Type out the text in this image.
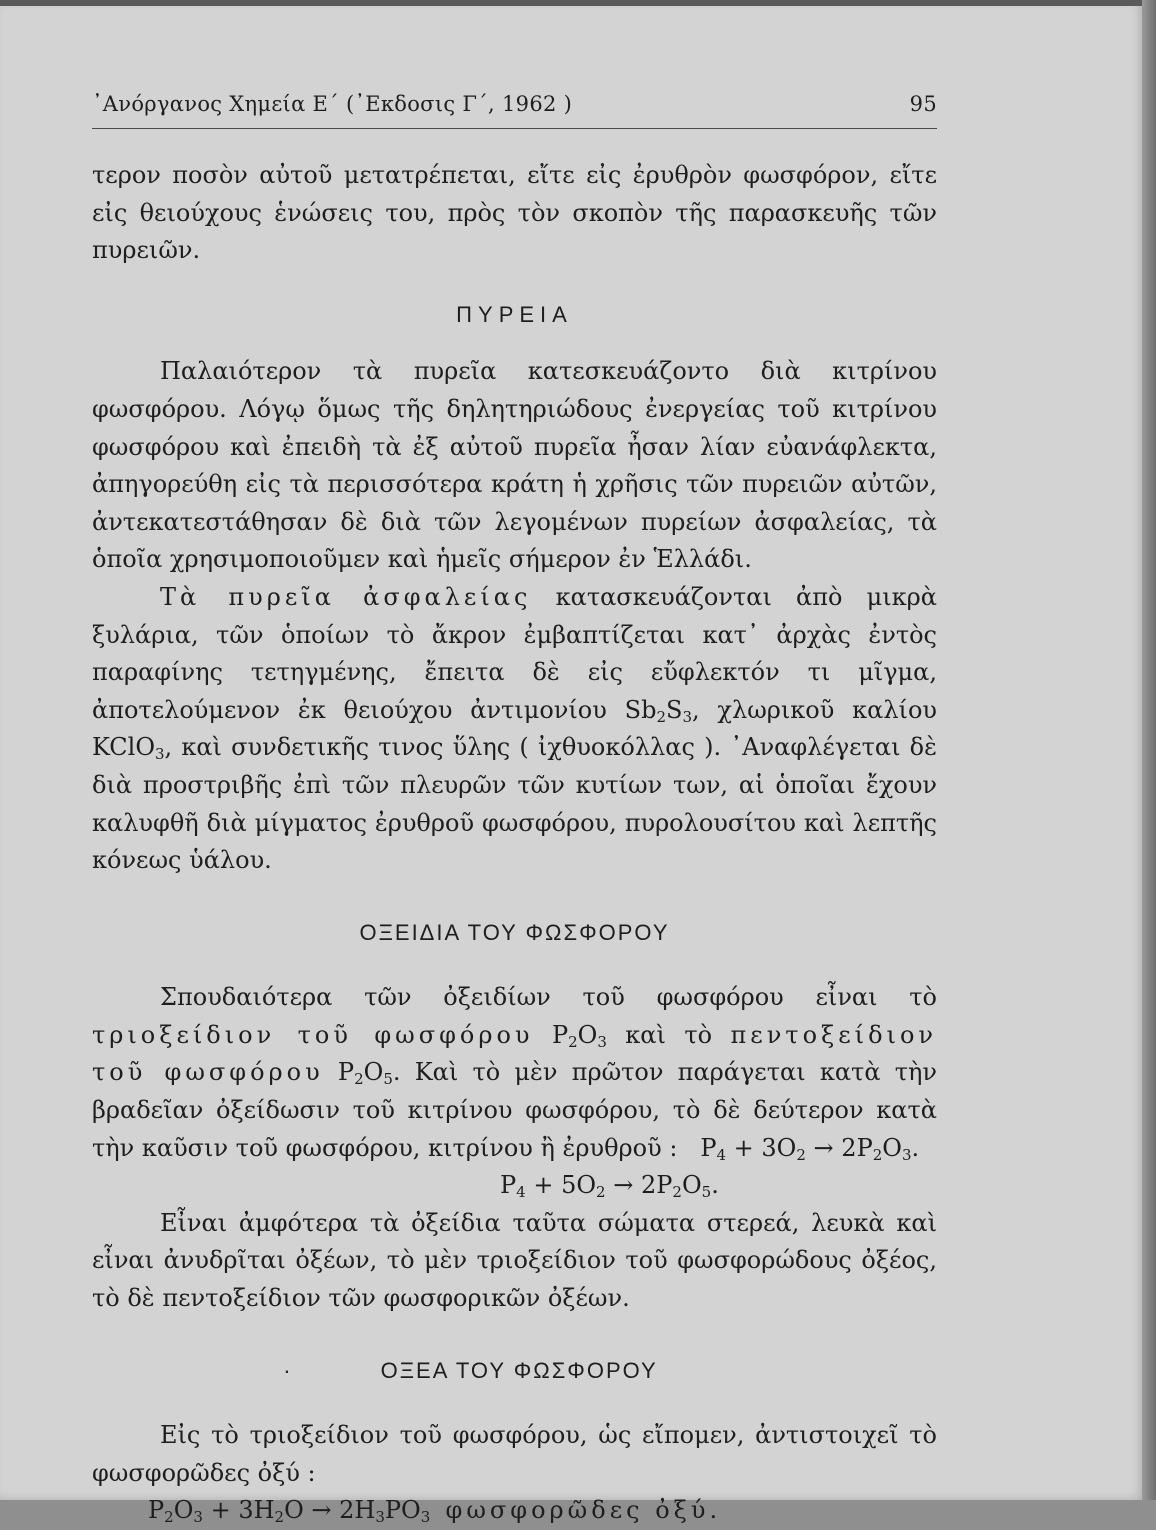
᾿Ανόργανος Χημεία Ε΄ (᾿Εκδοσις Γ΄, 1962 )	95

τερον ποσὸν αὐτοῦ μετατρέπεται, εἴτε εἰς ἐρυθρὸν φωσφόρον, εἴτε εἰς θειούχους ἑνώσεις του, πρὸς τὸν σκοπὸν τῆς παρασκευῆς τῶν πυρειῶν.

ΠΥΡΕΙΑ

Παλαιότερον τὰ πυρεῖα κατεσκευάζοντο διὰ κιτρίνου φωσφόρου. Λόγῳ ὅμως τῆς δηλητηριώδους ἐνεργείας τοῦ κιτρίνου φωσφόρου καὶ ἐπειδὴ τὰ ἐξ αὐτοῦ πυρεῖα ἦσαν λίαν εὐανάφλεκτα, ἀπηγορεύθη εἰς τὰ περισσότερα κράτη ἡ χρῆσις τῶν πυρειῶν αὐτῶν, ἀντεκατεστάθησαν δὲ διὰ τῶν λεγομένων πυρείων ἀσφαλείας, τὰ ὁποῖα χρησιμοποιοῦμεν καὶ ἡμεῖς σήμερον ἐν Ἑλλάδι.

Τὰ πυρεῖα ἀσφαλείας κατασκευάζονται ἀπὸ μικρὰ ξυλάρια, τῶν ὁποίων τὸ ἄκρον ἐμβαπτίζεται κατ᾽ ἀρχὰς ἐντὸς παραφίνης τετηγμένης, ἔπειτα δὲ εἰς εὔφλεκτόν τι μῖγμα, ἀποτελούμενον ἐκ θειούχου ἀντιμονίου $Sb_2S_3$, χλωρικοῦ καλίου KClO$_3$, καὶ συνδετικῆς τινος ὕλης ( ἰχθυοκόλλας ). ᾿Αναφλέγεται δὲ διὰ προστριβῆς ἐπὶ τῶν πλευρῶν τῶν κυτίων των, αἱ ὁποῖαι ἔχουν καλυφθῆ διὰ μίγματος ἐρυθροῦ φωσφόρου, πυρολουσίτου καὶ λεπτῆς κόνεως ὑάλου.

ΟΞΕΙΔΙΑ ΤΟΥ ΦΩΣΦΟΡΟΥ

Σπουδαιότερα τῶν ὀξειδίων τοῦ φωσφόρου εἶναι τὸ τριοξείδιον τοῦ φωσφόρου $P_2O_3$ καὶ τὸ πεντοξείδιον τοῦ φωσφόρου $P_2O_5$. Καὶ τὸ μὲν πρῶτον παράγεται κατὰ τὴν βραδεῖαν ὀξείδωσιν τοῦ κιτρίνου φωσφόρου, τὸ δὲ δεύτερον κατὰ τὴν καῦσιν τοῦ φωσφόρου, κιτρίνου ἢ ἐρυθροῦ : $P_4 + 3O_2 \to 2P_2O_3$.

$P_4 + 5O_2 \to 2P_2O_5$.

Εἶναι ἀμφότερα τὰ ὀξείδια ταῦτα σώματα στερεά, λευκὰ καὶ εἶναι ἀνυδρῖται ὀξέων, τὸ μὲν τριοξείδιον τοῦ φωσφορώδους ὀξέος, τὸ δὲ πεντοξείδιον τῶν φωσφορικῶν ὀξέων.

·	ΟΞΕΑ ΤΟΥ ΦΩΣΦΟΡΟΥ

Εἰς τὸ τριοξείδιον τοῦ φωσφόρου, ὡς εἴπομεν, ἀντιστοιχεῖ τὸ φωσφορῶδες ὀξύ :

$P_2O_3 + 3H_2O \to 2H_3PO_3$ φωσφορῶδες ὀξύ.
